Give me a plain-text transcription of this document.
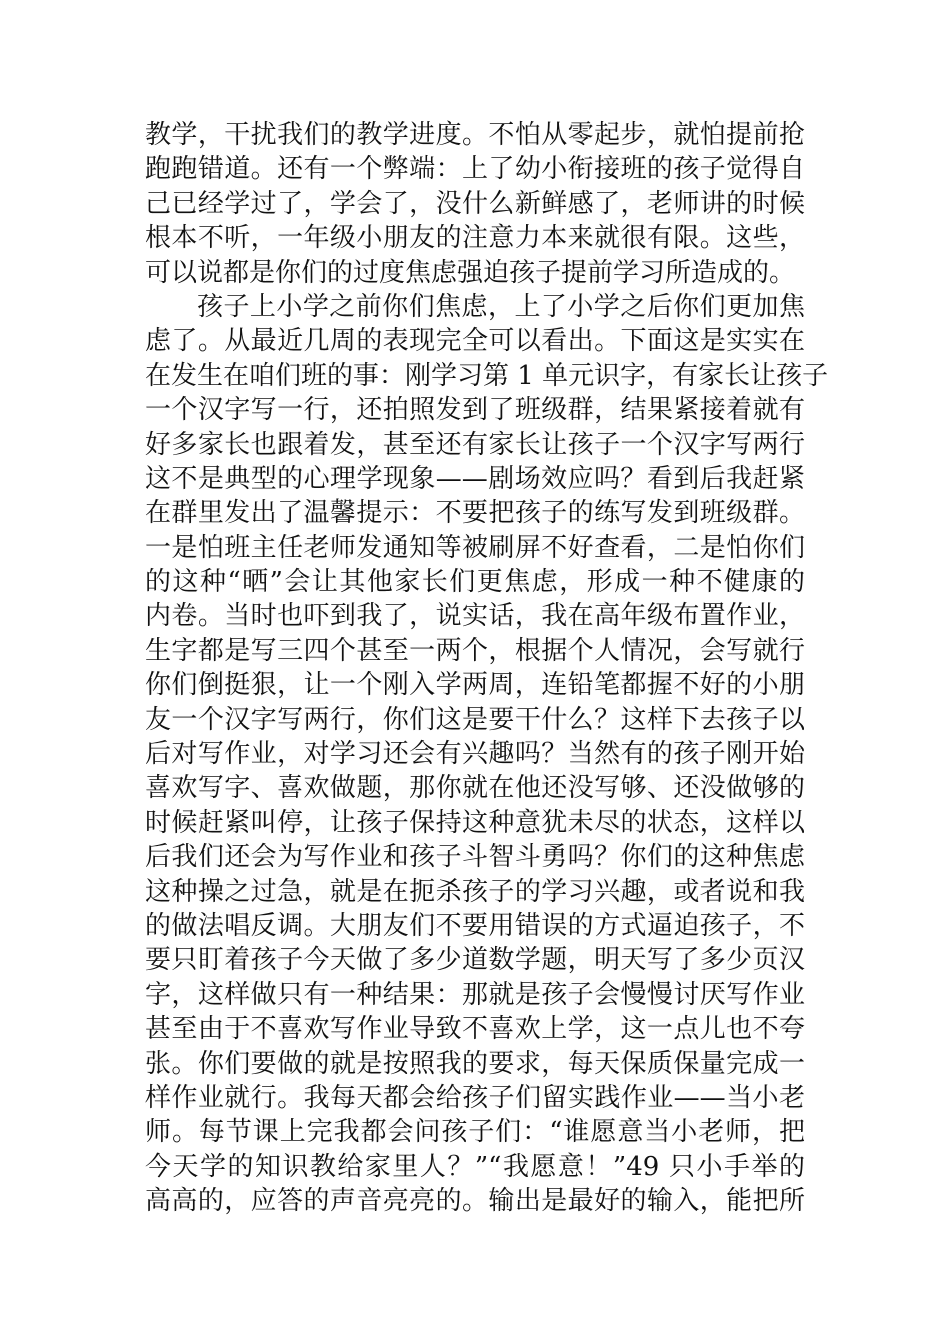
教学，干扰我们的教学进度。不怕从零起步，就怕提前抢
跑跑错道。还有一个弊端：上了幼小衔接班的孩子觉得自
己已经学过了，学会了，没什么新鲜感了，老师讲的时候
根本不听，一年级小朋友的注意力本来就很有限。这些，
可以说都是你们的过度焦虑强迫孩子提前学习所造成的。
孩子上小学之前你们焦虑，上了小学之后你们更加焦
虑了。从最近几周的表现完全可以看出。下面这是实实在
在发生在咱们班的事：刚学习第 1 单元识字，有家长让孩子
一个汉字写一行，还拍照发到了班级群，结果紧接着就有
好多家长也跟着发，甚至还有家长让孩子一个汉字写两行
这不是典型的心理学现象——剧场效应吗？看到后我赶紧
在群里发出了温馨提示：不要把孩子的练写发到班级群。
一是怕班主任老师发通知等被刷屏不好查看，二是怕你们
的这种“晒”会让其他家长们更焦虑，形成一种不健康的
内卷。当时也吓到我了，说实话，我在高年级布置作业，
生字都是写三四个甚至一两个，根据个人情况，会写就行
你们倒挺狠，让一个刚入学两周，连铅笔都握不好的小朋
友一个汉字写两行，你们这是要干什么？这样下去孩子以
后对写作业，对学习还会有兴趣吗？当然有的孩子刚开始
喜欢写字、喜欢做题，那你就在他还没写够、还没做够的
时候赶紧叫停，让孩子保持这种意犹未尽的状态，这样以
后我们还会为写作业和孩子斗智斗勇吗？你们的这种焦虑
这种操之过急，就是在扼杀孩子的学习兴趣，或者说和我
的做法唱反调。大朋友们不要用错误的方式逼迫孩子，不
要只盯着孩子今天做了多少道数学题，明天写了多少页汉
字，这样做只有一种结果：那就是孩子会慢慢讨厌写作业
甚至由于不喜欢写作业导致不喜欢上学，这一点儿也不夸
张。你们要做的就是按照我的要求，每天保质保量完成一
样作业就行。我每天都会给孩子们留实践作业——当小老
师。每节课上完我都会问孩子们：“谁愿意当小老师，把
今天学的知识教给家里人？”“我愿意！”49 只小手举的
高高的，应答的声音亮亮的。输出是最好的输入，能把所
